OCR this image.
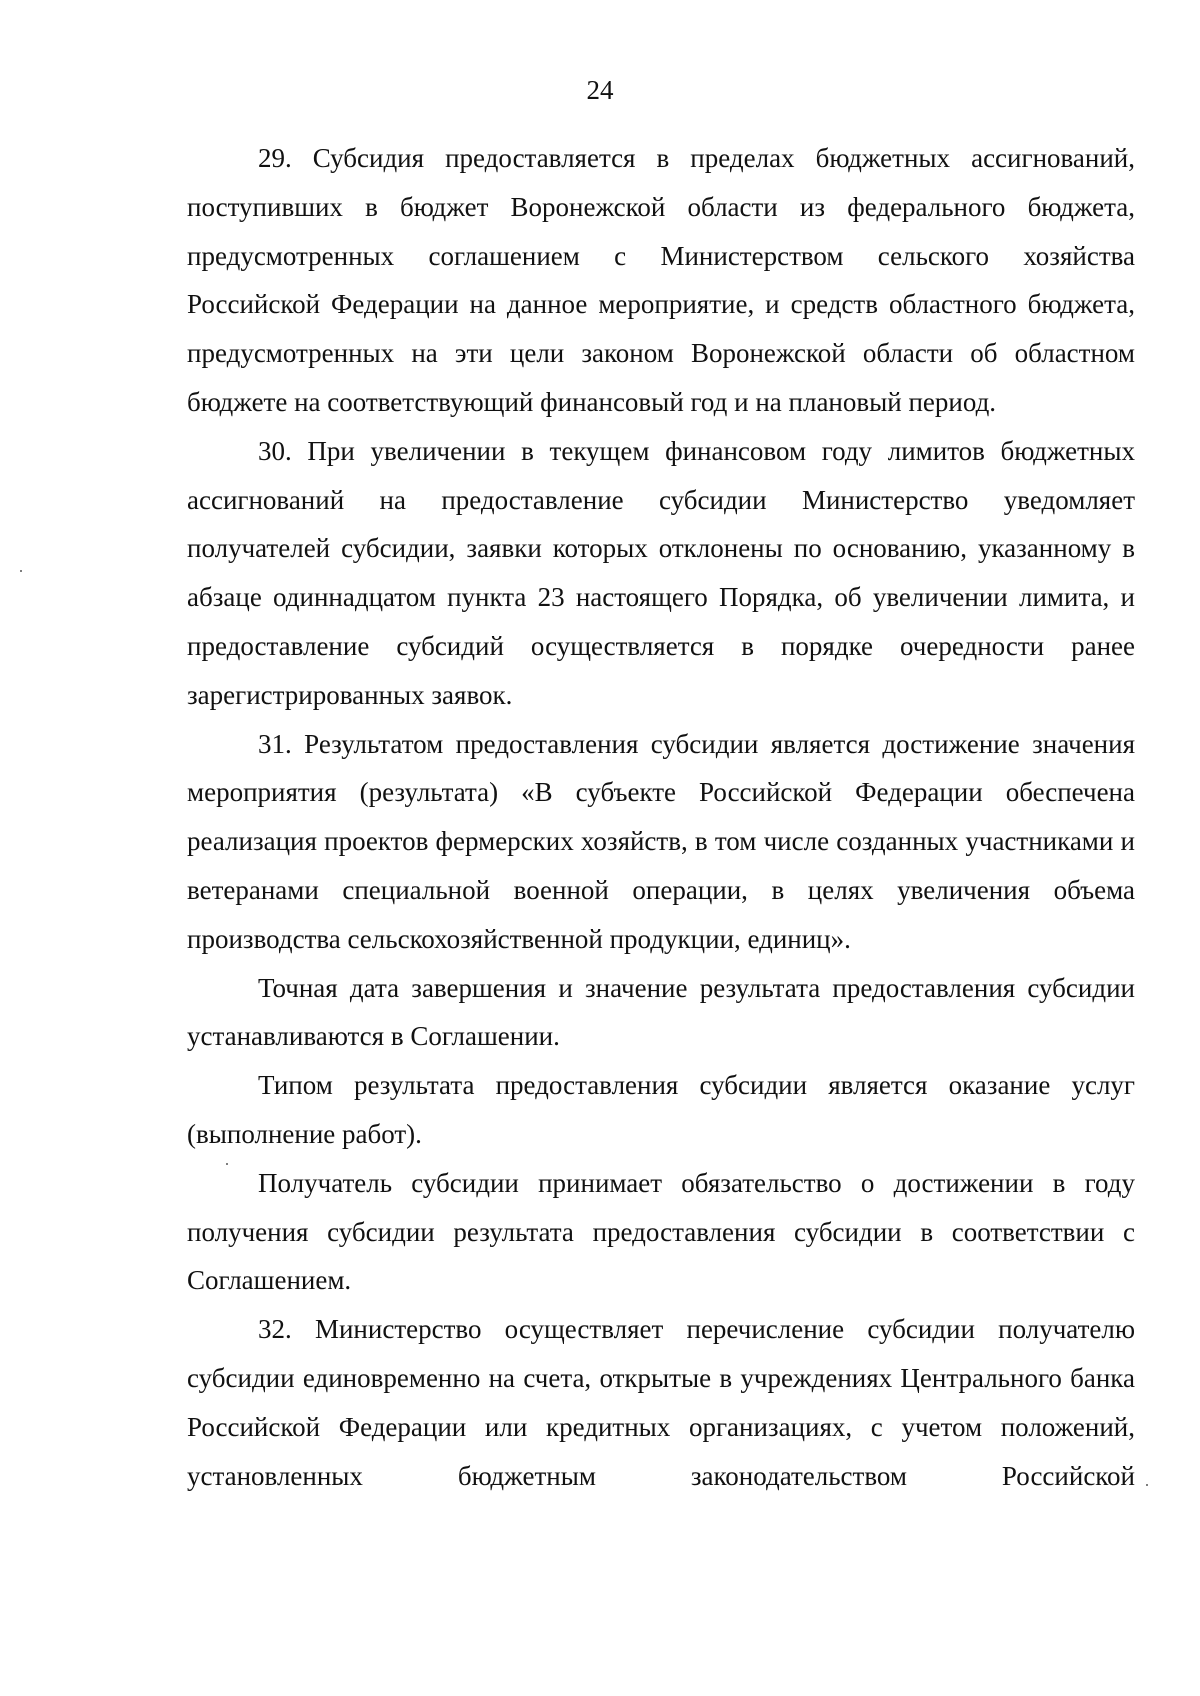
24

29. Субсидия предоставляется в пределах бюджетных ассигнований, поступивших в бюджет Воронежской области из федерального бюджета, предусмотренных соглашением с Министерством сельского хозяйства Российской Федерации на данное мероприятие, и средств областного бюджета, предусмотренных на эти цели законом Воронежской области об областном бюджете на соответствующий финансовый год и на плановый период.

30. При увеличении в текущем финансовом году лимитов бюджетных ассигнований на предоставление субсидии Министерство уведомляет получателей субсидии, заявки которых отклонены по основанию, указанному в абзаце одиннадцатом пункта 23 настоящего Порядка, об увеличении лимита, и предоставление субсидий осуществляется в порядке очередности ранее зарегистрированных заявок.

31. Результатом предоставления субсидии является достижение значения мероприятия (результата) «В субъекте Российской Федерации обеспечена реализация проектов фермерских хозяйств, в том числе созданных участниками и ветеранами специальной военной операции, в целях увеличения объема производства сельскохозяйственной продукции, единиц».

Точная дата завершения и значение результата предоставления субсидии устанавливаются в Соглашении.

Типом результата предоставления субсидии является оказание услуг (выполнение работ).

Получатель субсидии принимает обязательство о достижении в году получения субсидии результата предоставления субсидии в соответствии с Соглашением.

32. Министерство осуществляет перечисление субсидии получателю субсидии единовременно на счета, открытые в учреждениях Центрального банка Российской Федерации или кредитных организациях, с учетом положений, установленных бюджетным законодательством Российской
